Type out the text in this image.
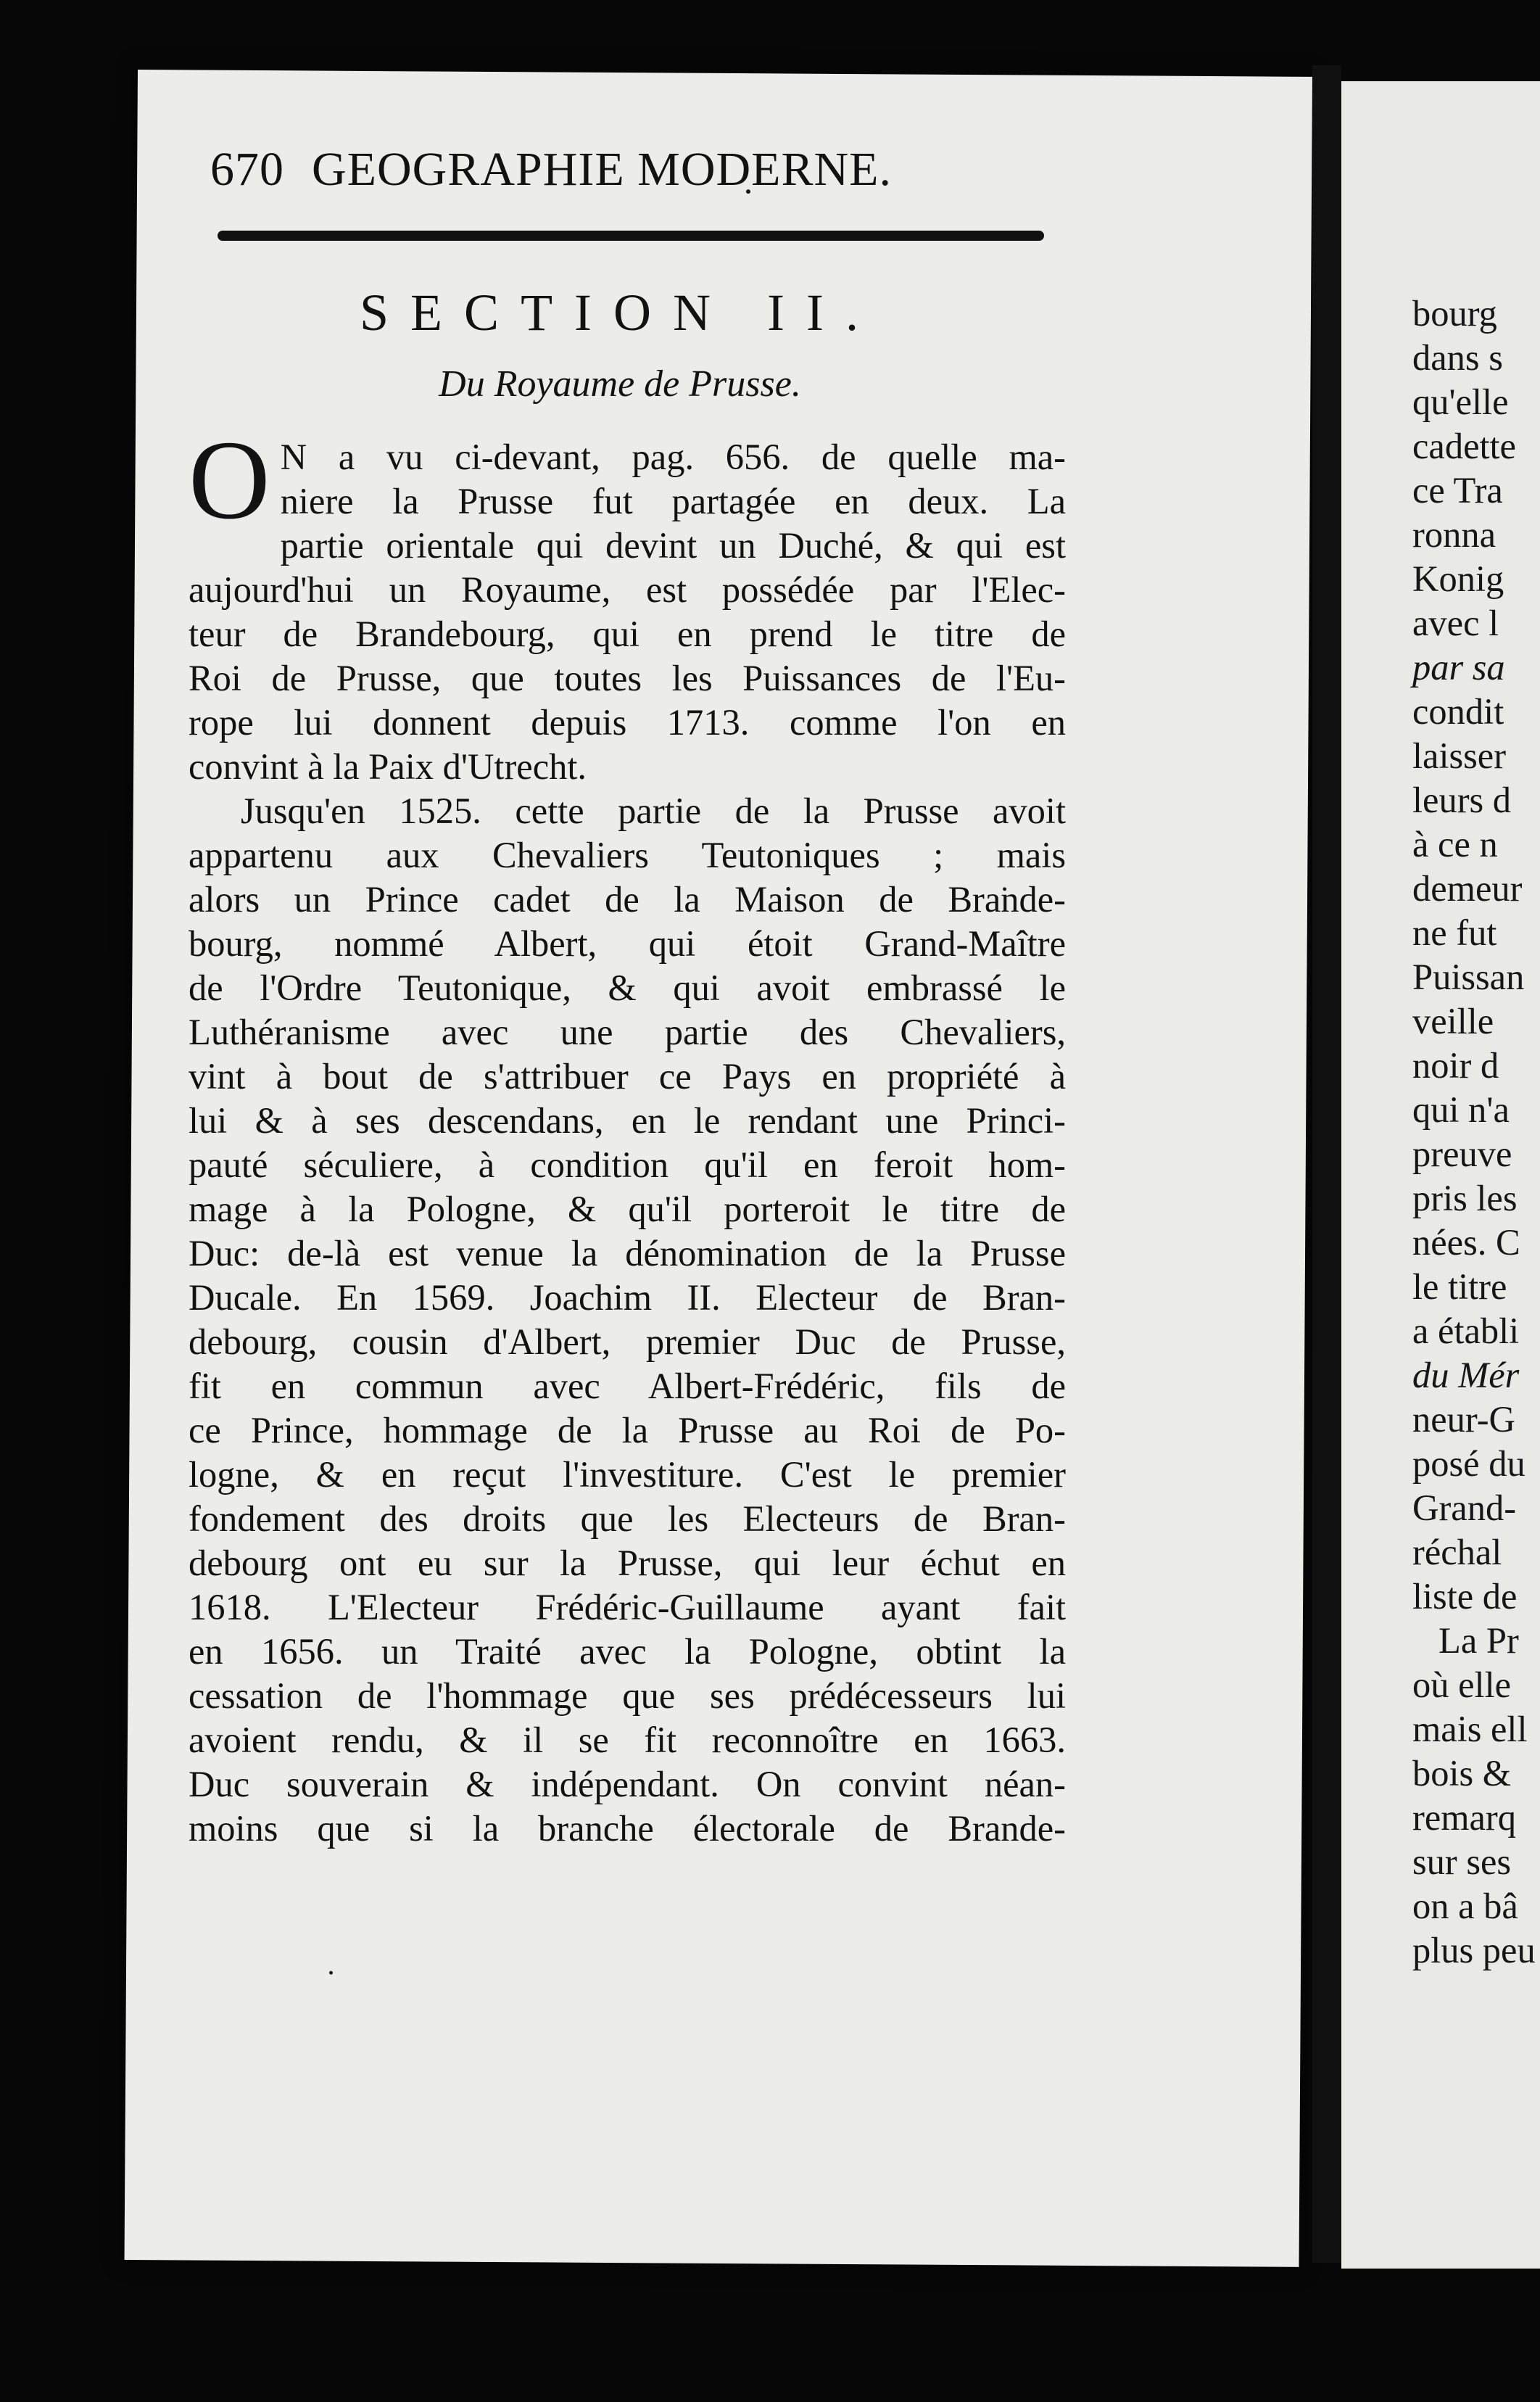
670 GEOGRAPHIE MODERNE.
SECTION II.
Du Royaume de Prusse.
O N a vu ci-devant, pag. 656. de quelle ma-
niere la Prusse fut partagée en deux. La
partie orientale qui devint un Duché, & qui est
aujourd'hui un Royaume, est possédée par l'Elec-
teur de Brandebourg, qui en prend le titre de
Roi de Prusse, que toutes les Puissances de l'Eu-
rope lui donnent depuis 1713. comme l'on en
convint à la Paix d'Utrecht.
Jusqu'en 1525. cette partie de la Prusse avoit
appartenu aux Chevaliers Teutoniques ; mais
alors un Prince cadet de la Maison de Brande-
bourg, nommé Albert, qui étoit Grand-Maître
de l'Ordre Teutonique, & qui avoit embrassé le
Luthéranisme avec une partie des Chevaliers,
vint à bout de s'attribuer ce Pays en propriété à
lui & à ses descendans, en le rendant une Princi-
pauté séculiere, à condition qu'il en feroit hom-
mage à la Pologne, & qu'il porteroit le titre de
Duc: de-là est venue la dénomination de la Prusse
Ducale. En 1569. Joachim II. Electeur de Bran-
debourg, cousin d'Albert, premier Duc de Prusse,
fit en commun avec Albert-Frédéric, fils de
ce Prince, hommage de la Prusse au Roi de Po-
logne, & en reçut l'investiture. C'est le premier
fondement des droits que les Electeurs de Bran-
debourg ont eu sur la Prusse, qui leur échut en
1618. L'Electeur Frédéric-Guillaume ayant fait
en 1656. un Traité avec la Pologne, obtint la
cessation de l'hommage que ses prédécesseurs lui
avoient rendu, & il se fit reconnoître en 1663.
Duc souverain & indépendant. On convint néan-
moins que si la branche électorale de Brande-
bourg
dans s
qu'elle
cadette
ce Tra
ronna
Konig
avec l
par sa
condit
laisser
leurs d
à ce n
demeur
ne fut
Puissan
veille
noir d
qui n'a
preuve
pris les
nées. C
le titre
a établi
du Mér
neur-G
posé du
Grand-
réchal
liste de
La Pr
où elle
mais ell
bois &
remarq
sur ses
on a bâ
plus peu
